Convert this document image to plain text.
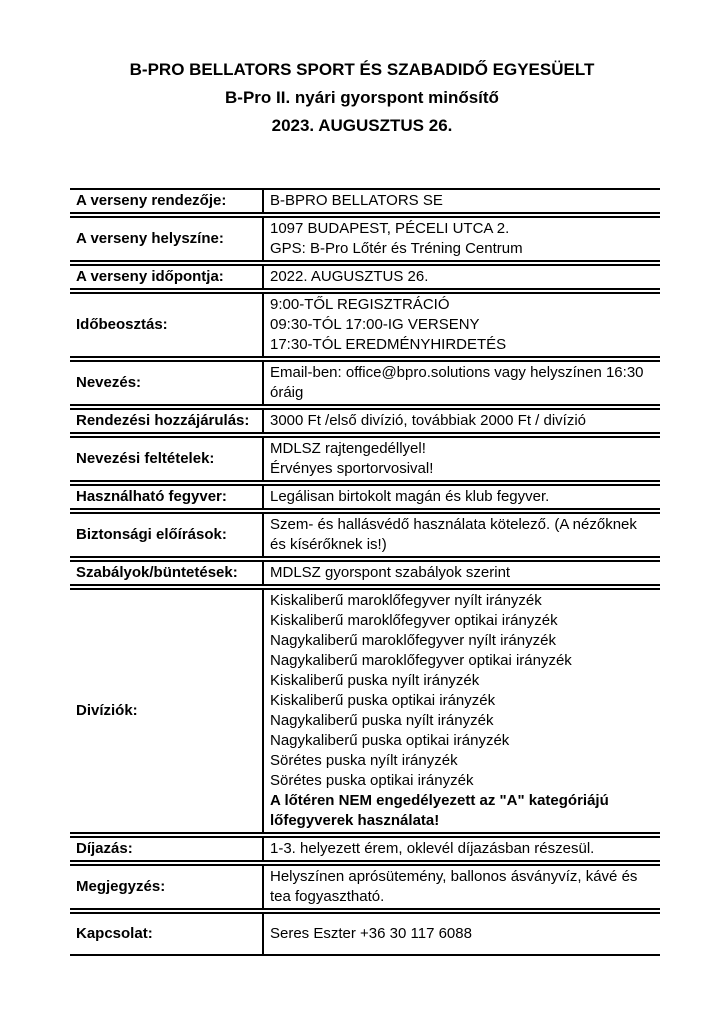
B-PRO BELLATORS SPORT ÉS SZABADIDŐ EGYESÜELT
B-Pro II. nyári gyorspont minősítő
2023. AUGUSZTUS 26.
A verseny rendezője:	B-BPRO BELLATORS SE

A verseny helyszíne:	1097 BUDAPEST, PÉCELI UTCA 2.
GPS: B-Pro Lőtér és Tréning Centrum

A verseny időpontja:	2022. AUGUSZTUS 26.

Időbeosztás:	9:00-TŐL REGISZTRÁCIÓ
09:30-TÓL 17:00-IG VERSENY
17:30-TÓL EREDMÉNYHIRDETÉS

Nevezés:	Email-ben: office@bpro.solutions vagy helyszínen 16:30 óráig

Rendezési hozzájárulás:	3000 Ft /első divízió, továbbiak 2000 Ft / divízió

Nevezési feltételek:	MDLSZ rajtengedéllyel!
Érvényes sportorvosival!

Használható fegyver:	Legálisan birtokolt magán és klub fegyver.

Biztonsági előírások:	Szem- és hallásvédő használata kötelező. (A nézőknek és kísérőknek is!)

Szabályok/büntetések:	MDLSZ gyorspont szabályok szerint

Divíziók:	
Kiskaliberű maroklőfegyver nyílt irányzék
Kiskaliberű maroklőfegyver optikai irányzék
Nagykaliberű maroklőfegyver nyílt irányzék
Nagykaliberű maroklőfegyver optikai irányzék
Kiskaliberű puska nyílt irányzék
Kiskaliberű puska optikai irányzék
Nagykaliberű puska nyílt irányzék
Nagykaliberű puska optikai irányzék
Sörétes puska nyílt irányzék
Sörétes puska optikai irányzék
A lőtéren NEM engedélyezett az "A" kategóriájú lőfegyverek használata!

Díjazás:	1-3. helyezett érem, oklevél díjazásban részesül.

Megjegyzés:	Helyszínen aprósütemény, ballonos ásványvíz, kávé és tea fogyasztható.

Kapcsolat:	Seres Eszter +36 30 117 6088
